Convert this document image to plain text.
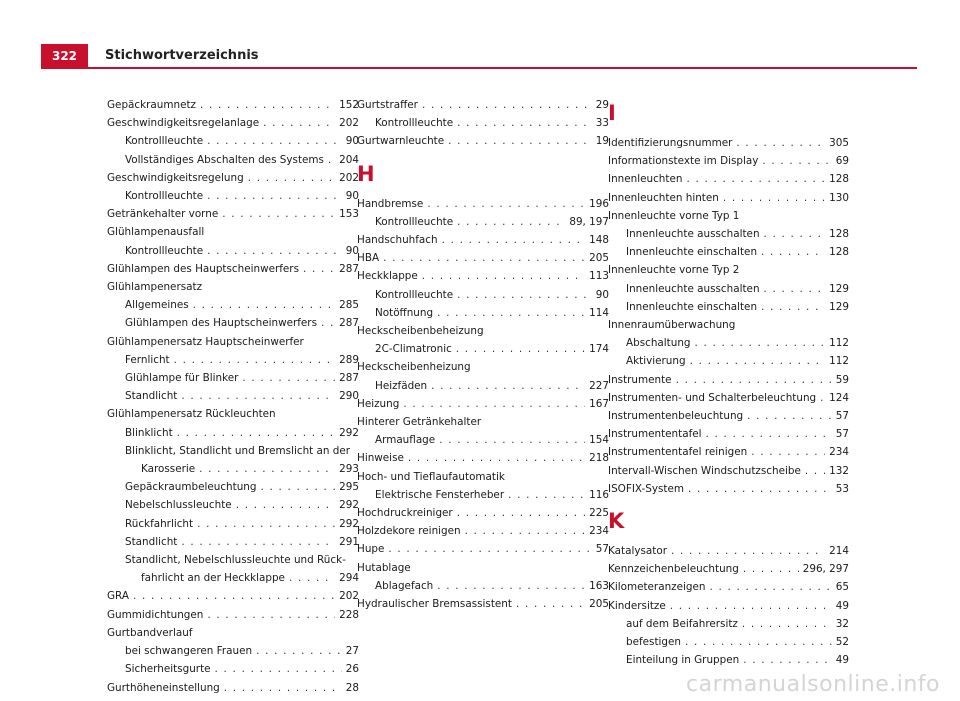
322	Stichwortverzeichnis
Gepäckraumnetz . . .	152
Geschwindigkeitsregelanlage . . .	202
Kontrollleuchte . . .	90
Vollständiges Abschalten des Systems . . . 204
Geschwindigkeitsregelung . . .	202
Kontrollleuchte . . .	90
Getränkehalter vorne . . .	153
Glühlampenausfall
Kontrollleuchte . . .	90
Glühlampen des Hauptscheinwerfers . . .	287
Glühlampenersatz
Allgemeines . . .	285
Glühlampen des Hauptscheinwerfers . . . 287
Glühlampenersatz Hauptscheinwerfer
Fernlicht . . .	289
Glühlampe für Blinker . . .	287
Standlicht . . .	290
Glühlampenersatz Rückleuchten
Blinklicht . . .	292
Blinklicht, Standlicht und Bremslicht an der
Karosserie . . .	293
Gepäckraumbeleuchtung . . .	295
Nebelschlussleuchte . . .	292
Rückfahrlicht . . .	292
Standlicht . . .	291
Standlicht, Nebelschlussleuchte und Rück-
fahrlicht an der Heckklappe . . .	294
GRA . . .	202
Gummidichtungen . . .	228
Gurtbandverlauf
bei schwangeren Frauen . . .	27
Sicherheitsgurte . . .	26
Gurthöheneinstellung . . .	28
Gurtstraffer . . .	29
Kontrollleuchte . . .	33
Gurtwarnleuchte . . .	19
H
Handbremse . . .	196
Kontrollleuchte . . .	89, 197
Handschuhfach . . .	148
HBA . . .	205
Heckklappe . . .	113
Kontrollleuchte . . .	90
Notöffnung . . .	114
Heckscheibenbeheizung
2C-Climatronic . . .	174
Heckscheibenheizung
Heizfäden . . .	227
Heizung . . .	167
Hinterer Getränkehalter
Armauflage . . .	154
Hinweise . . .	218
Hoch- und Tieflaufautomatik
Elektrische Fensterheber . . .	116
Hochdruckreiniger . . .	225
Holzdekore reinigen . . .	234
Hupe . . .	57
Hutablage
Ablagefach . . .	163
Hydraulischer Bremsassistent . . .	205
I
Identifizierungsnummer . . .	305
Informationstexte im Display . . .	69
Innenleuchten . . .	128
Innenleuchten hinten . . .	130
Innenleuchte vorne Typ 1
Innenleuchte ausschalten . . .	128
Innenleuchte einschalten . . .	128
Innenleuchte vorne Typ 2
Innenleuchte ausschalten . . .	129
Innenleuchte einschalten . . .	129
Innenraumüberwachung
Abschaltung . . .	112
Aktivierung . . .	112
Instrumente . . .	59
Instrumenten- und Schalterbeleuchtung . . . 124
Instrumentenbeleuchtung . . .	57
Instrumententafel . . .	57
Instrumententafel reinigen . . .	234
Intervall-Wischen Windschutzscheibe . . .	132
ISOFIX-System . . .	53
K
Katalysator . . .	214
Kennzeichenbeleuchtung . . .	296, 297
Kilometeranzeigen . . .	65
Kindersitze . . .	49
auf dem Beifahrersitz . . .	32
befestigen . . .	52
Einteilung in Gruppen . . .	49
carmanualsonline.info
